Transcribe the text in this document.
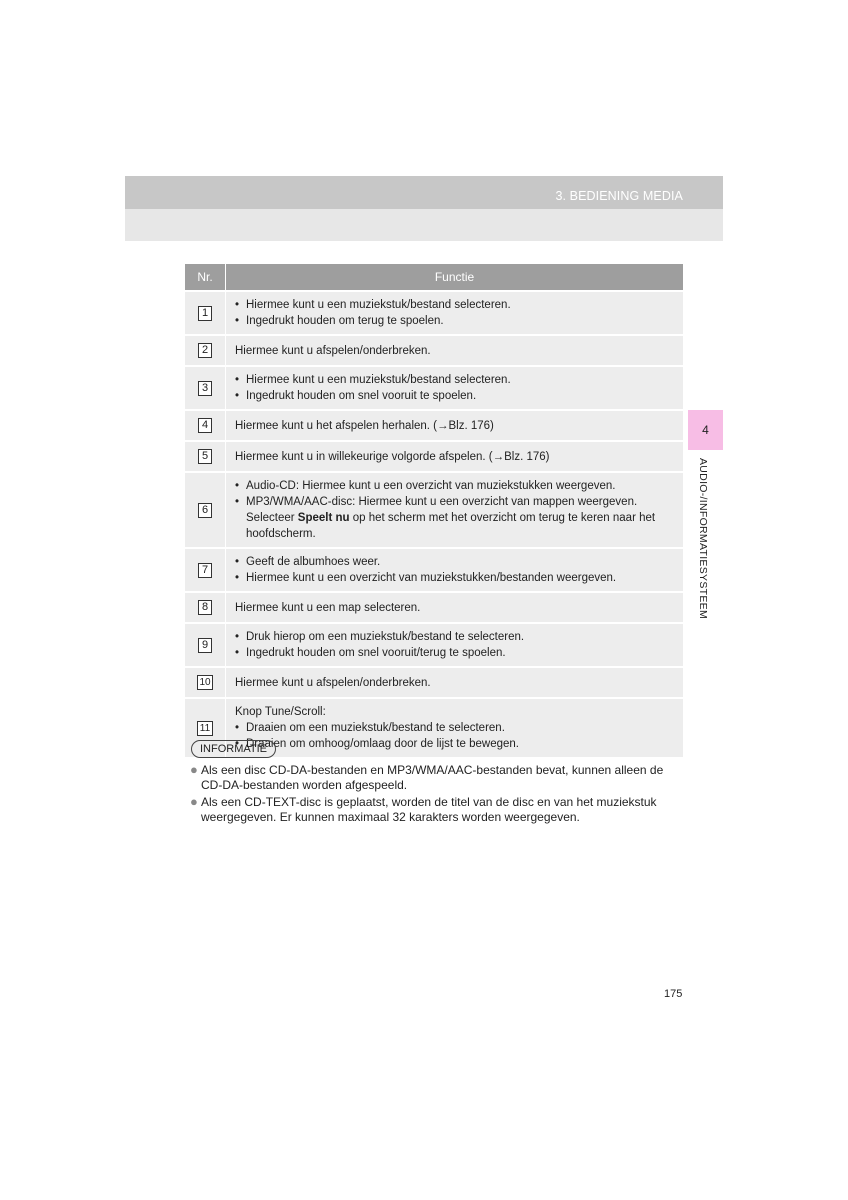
3. BEDIENING MEDIA
Nr.	Functie
1
• Hiermee kunt u een muziekstuk/bestand selecteren.
• Ingedrukt houden om terug te spoelen.
2	Hiermee kunt u afspelen/onderbreken.
3
• Hiermee kunt u een muziekstuk/bestand selecteren.
• Ingedrukt houden om snel vooruit te spoelen.
4	Hiermee kunt u het afspelen herhalen. (→Blz. 176)
5	Hiermee kunt u in willekeurige volgorde afspelen. (→Blz. 176)
6
• Audio-CD: Hiermee kunt u een overzicht van muziekstukken weergeven.
• MP3/WMA/AAC-disc: Hiermee kunt u een overzicht van mappen weergeven. Selecteer Speelt nu op het scherm met het overzicht om terug te keren naar het hoofdscherm.
7
• Geeft de albumhoes weer.
• Hiermee kunt u een overzicht van muziekstukken/bestanden weergeven.
8	Hiermee kunt u een map selecteren.
9
• Druk hierop om een muziekstuk/bestand te selecteren.
• Ingedrukt houden om snel vooruit/terug te spoelen.
10 Hiermee kunt u afspelen/onderbreken.
11
Knop Tune/Scroll:
• Draaien om een muziekstuk/bestand te selecteren.
• Draaien om omhoog/omlaag door de lijst te bewegen.
INFORMATIE
● Als een disc CD-DA-bestanden en MP3/WMA/AAC-bestanden bevat, kunnen alleen de CD-DA-bestanden worden afgespeeld.
● Als een CD-TEXT-disc is geplaatst, worden de titel van de disc en van het muziekstuk weergegeven. Er kunnen maximaal 32 karakters worden weergegeven.
4
AUDIO-/INFORMATIESYSTEEM
175
